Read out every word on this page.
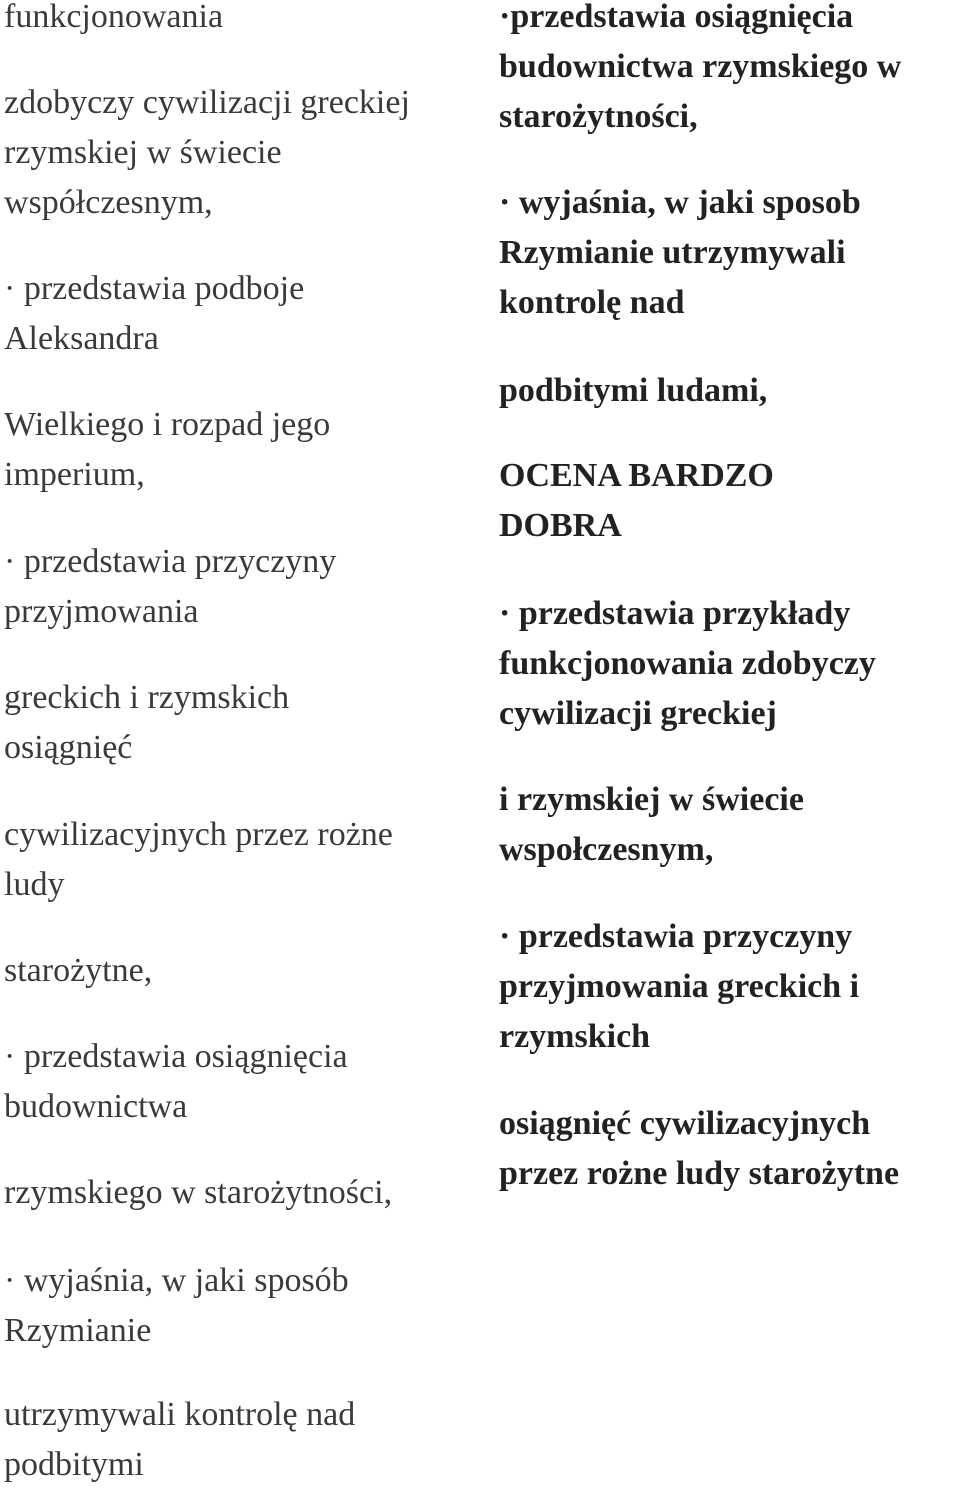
funkcjonowania

zdobyczy cywilizacji greckiej
rzymskiej w świecie
współczesnym,

· przedstawia podboje
Aleksandra

Wielkiego i rozpad jego
imperium,

· przedstawia przyczyny
przyjmowania

greckich i rzymskich
osiągnięć

cywilizacyjnych przez rożne
ludy

starożytne,

· przedstawia osiągnięcia
budownictwa

rzymskiego w starożytności,

· wyjaśnia, w jaki sposób
Rzymianie

utrzymywali kontrolę nad
podbitymi

·przedstawia osiągnięcia
budownictwa rzymskiego w
starożytności,

· wyjaśnia, w jaki sposob
Rzymianie utrzymywali
kontrolę nad

podbitymi ludami,

OCENA BARDZO
DOBRA

· przedstawia przykłady
funkcjonowania zdobyczy
cywilizacji greckiej

i rzymskiej w świecie
wspołczesnym,

· przedstawia przyczyny
przyjmowania greckich i
rzymskich

osiągnięć cywilizacyjnych
przez rożne ludy starożytne
